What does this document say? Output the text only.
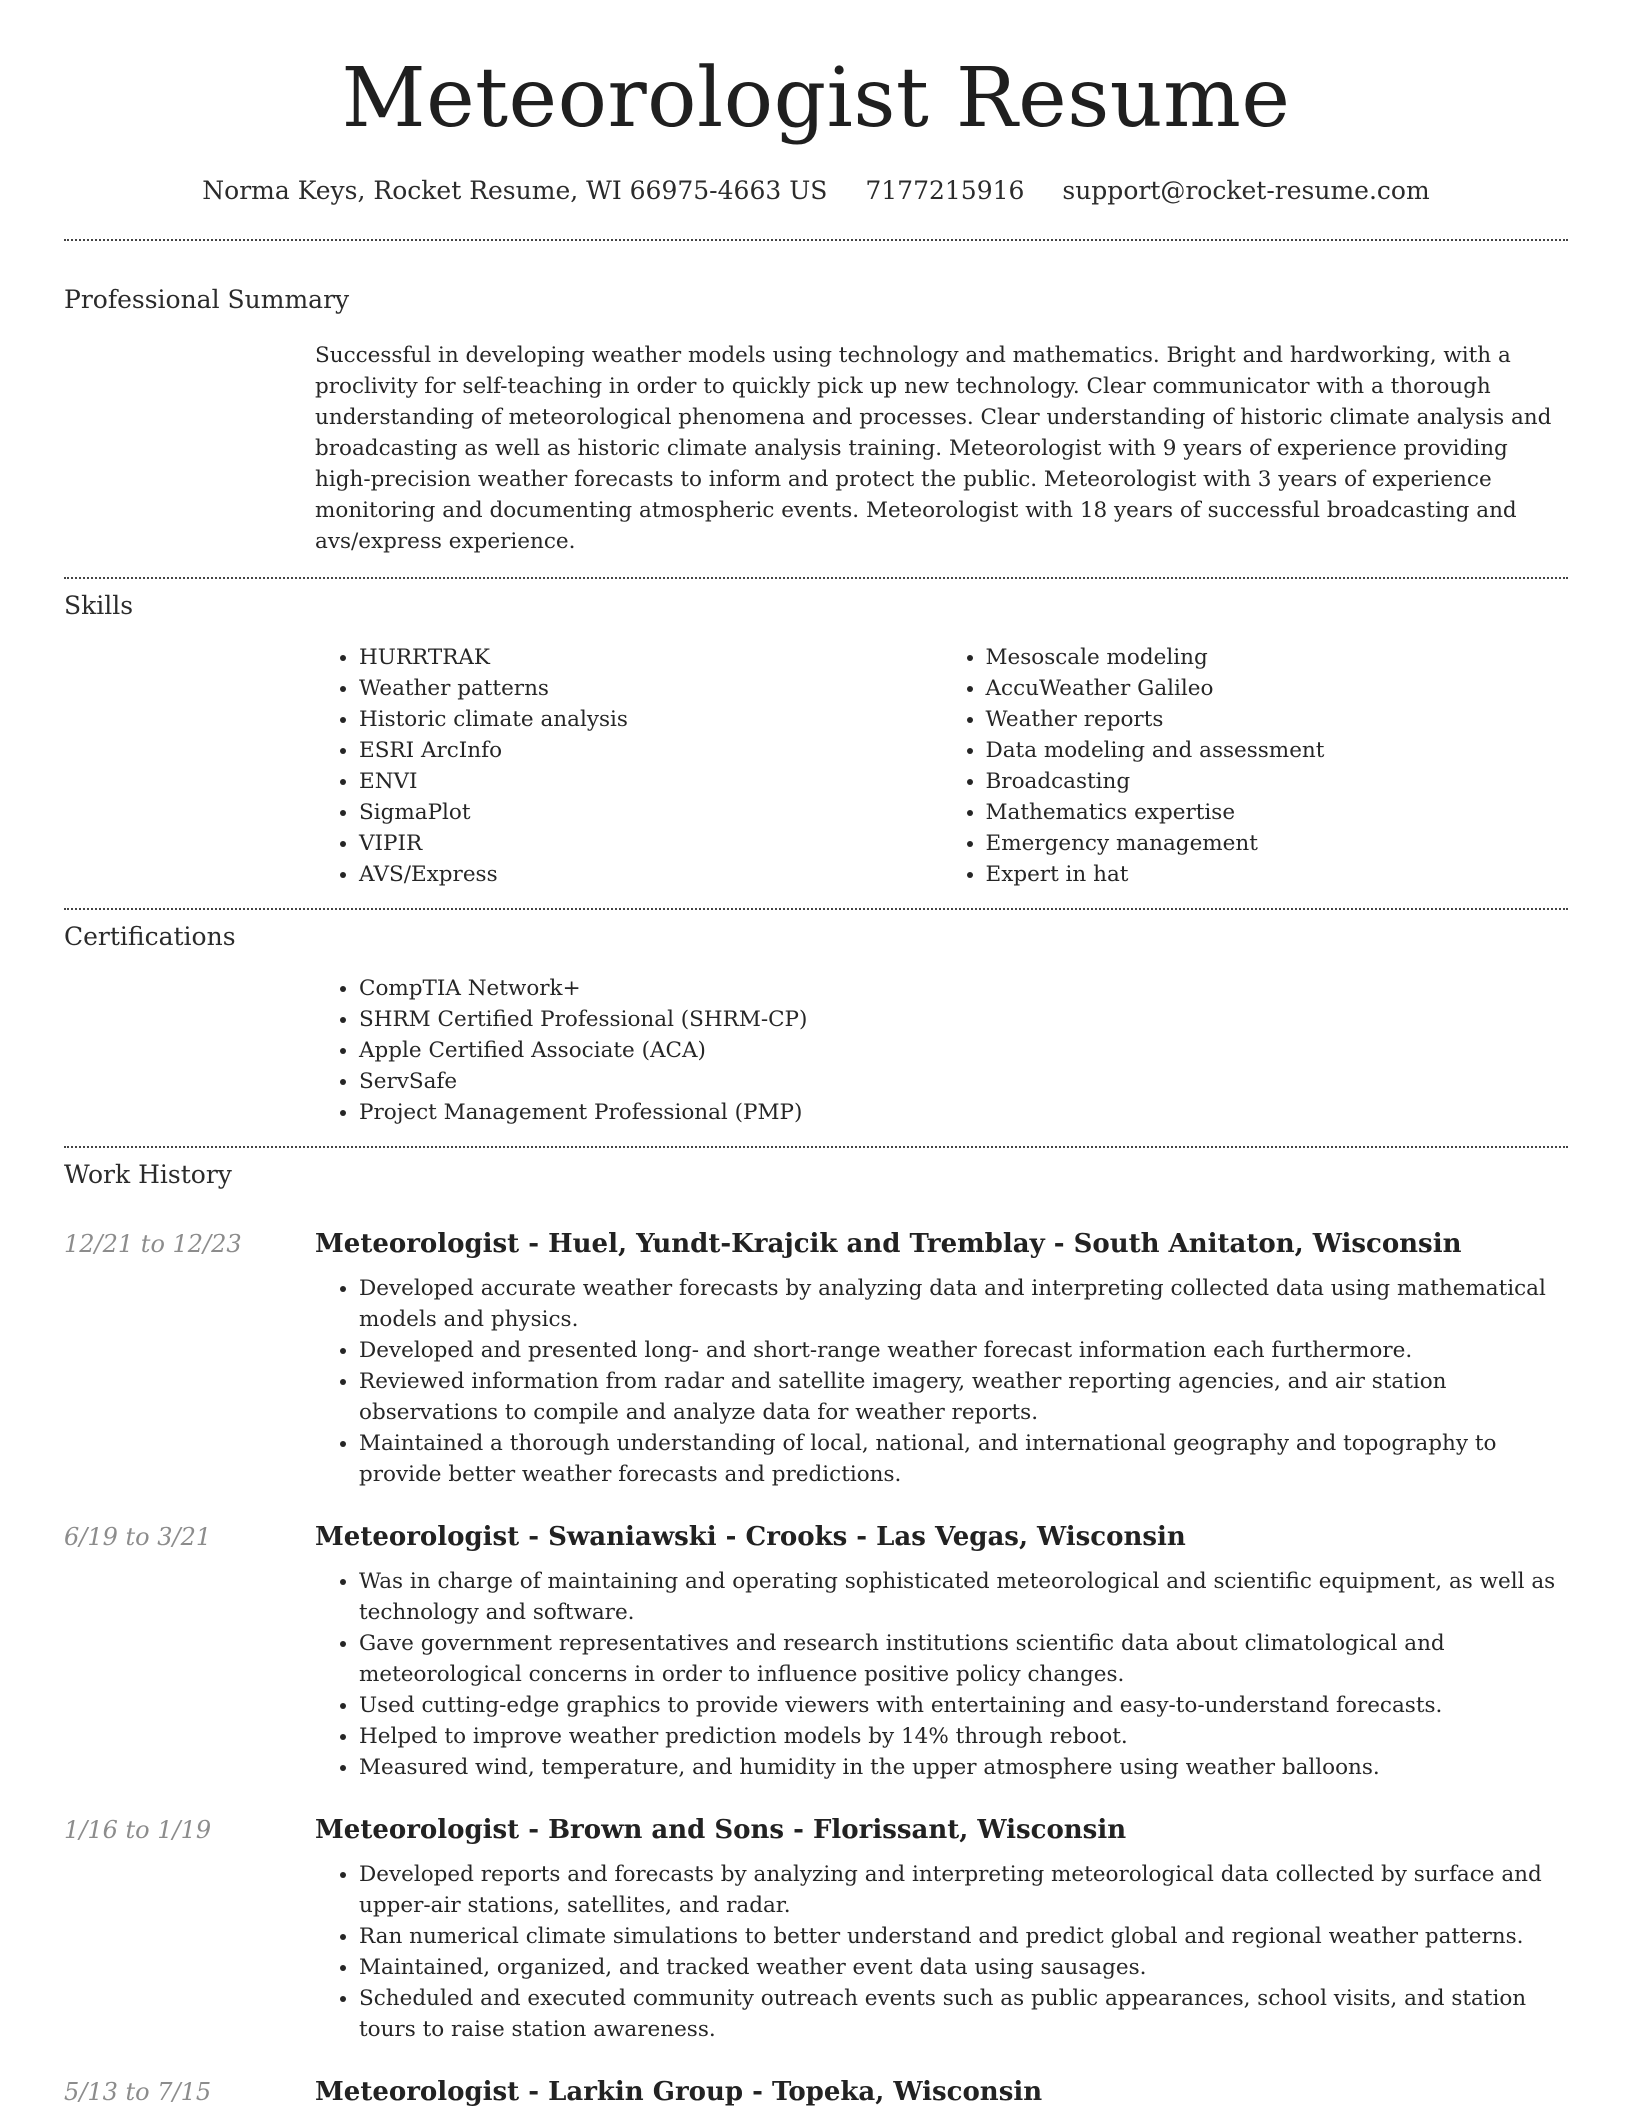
Meteorologist Resume
Norma Keys, Rocket Resume, WI 66975-4663 US 7177215916 support@rocket-resume.com
Professional Summary

Successful in developing weather models using technology and mathematics. Bright and hardworking, with a proclivity for self-teaching in order to quickly pick up new technology. Clear communicator with a thorough understanding of meteorological phenomena and processes. Clear understanding of historic climate analysis and broadcasting as well as historic climate analysis training. Meteorologist with 9 years of experience providing high-precision weather forecasts to inform and protect the public. Meteorologist with 3 years of experience monitoring and documenting atmospheric events. Meteorologist with 18 years of successful broadcasting and avs/express experience.

Skills
• HURRTRAK
• Weather patterns
• Historic climate analysis
• ESRI ArcInfo
• ENVI
• SigmaPlot
• VIPIR
• AVS/Express
• Mesoscale modeling
• AccuWeather Galileo
• Weather reports
• Data modeling and assessment
• Broadcasting
• Mathematics expertise
• Emergency management
• Expert in hat
Certifications
• CompTIA Network+
• SHRM Certified Professional (SHRM-CP)
• Apple Certified Associate (ACA)
• ServSafe
• Project Management Professional (PMP)
Work History
12/21 to 12/23	Meteorologist - Huel, Yundt-Krajcik and Tremblay - South Anitaton, Wisconsin
• Developed accurate weather forecasts by analyzing data and interpreting collected data using mathematical models and physics.
• Developed and presented long- and short-range weather forecast information each furthermore.
• Reviewed information from radar and satellite imagery, weather reporting agencies, and air station observations to compile and analyze data for weather reports.
• Maintained a thorough understanding of local, national, and international geography and topography to provide better weather forecasts and predictions.
6/19 to 3/21	Meteorologist - Swaniawski - Crooks - Las Vegas, Wisconsin
• Was in charge of maintaining and operating sophisticated meteorological and scientific equipment, as well as technology and software.
• Gave government representatives and research institutions scientific data about climatological and meteorological concerns in order to influence positive policy changes.
• Used cutting-edge graphics to provide viewers with entertaining and easy-to-understand forecasts.
• Helped to improve weather prediction models by 14% through reboot.
• Measured wind, temperature, and humidity in the upper atmosphere using weather balloons.
1/16 to 1/19	Meteorologist - Brown and Sons - Florissant, Wisconsin
• Developed reports and forecasts by analyzing and interpreting meteorological data collected by surface and upper-air stations, satellites, and radar.
• Ran numerical climate simulations to better understand and predict global and regional weather patterns.
• Maintained, organized, and tracked weather event data using sausages.
• Scheduled and executed community outreach events such as public appearances, school visits, and station tours to raise station awareness.
5/13 to 7/15	Meteorologist - Larkin Group - Topeka, Wisconsin
